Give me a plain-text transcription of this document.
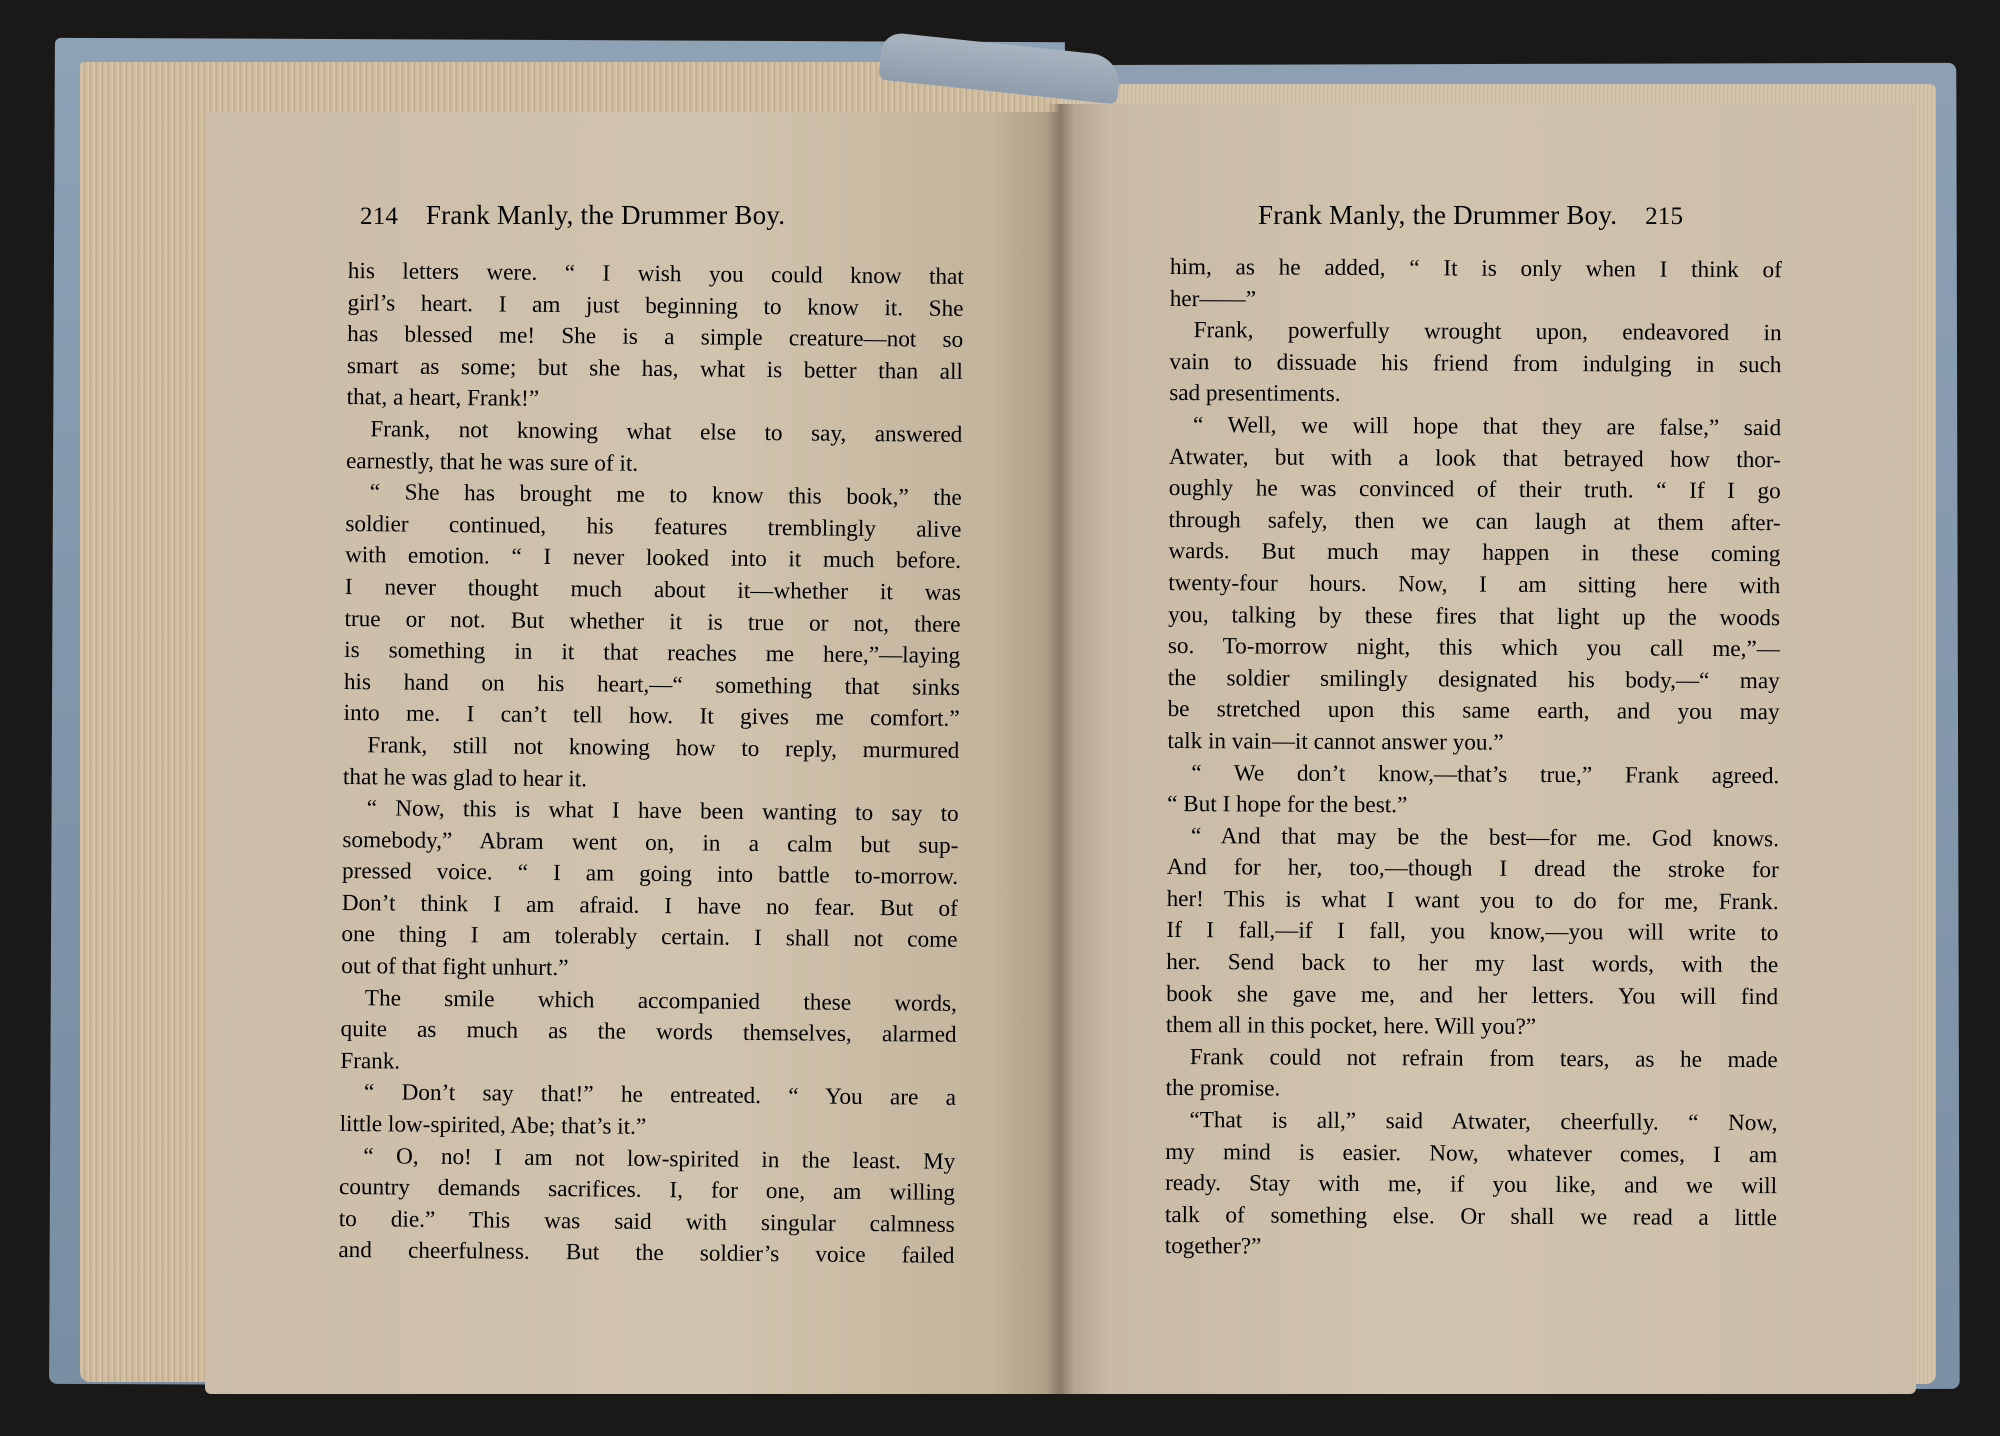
214 Frank Manly, the Drummer Boy.	Frank Manly, the Drummer Boy. 215
his letters were. “ I wish you could know that
girl’s heart. I am just beginning to know it. She
has blessed me! She is a simple creature—not so
smart as some; but she has, what is better than all
that, a heart, Frank!”
Frank, not knowing what else to say, answered
earnestly, that he was sure of it.
“ She has brought me to know this book,” the
soldier continued, his features tremblingly alive
with emotion. “ I never looked into it much before.
I never thought much about it—whether it was
true or not. But whether it is true or not, there
is something in it that reaches me here,”—laying
his hand on his heart,—“ something that sinks
into me. I can’t tell how. It gives me comfort.”
Frank, still not knowing how to reply, murmured
that he was glad to hear it.
“ Now, this is what I have been wanting to say to
somebody,” Abram went on, in a calm but sup-
pressed voice. “ I am going into battle to-morrow.
Don’t think I am afraid. I have no fear. But of
one thing I am tolerably certain. I shall not come
out of that fight unhurt.”
The smile which accompanied these words,
quite as much as the words themselves, alarmed
Frank.
“ Don’t say that!” he entreated. “ You are a
little low-spirited, Abe; that’s it.”
“ O, no! I am not low-spirited in the least. My
country demands sacrifices. I, for one, am willing
to die.” This was said with singular calmness
and cheerfulness. But the soldier’s voice failed
him, as he added, “ It is only when I think of
her——”
Frank, powerfully wrought upon, endeavored in
vain to dissuade his friend from indulging in such
sad presentiments.
“ Well, we will hope that they are false,” said
Atwater, but with a look that betrayed how thor-
oughly he was convinced of their truth. “ If I go
through safely, then we can laugh at them after-
wards. But much may happen in these coming
twenty-four hours. Now, I am sitting here with
you, talking by these fires that light up the woods
so. To-morrow night, this which you call me,”—
the soldier smilingly designated his body,—“ may
be stretched upon this same earth, and you may
talk in vain—it cannot answer you.”
“ We don’t know,—that’s true,” Frank agreed.
“ But I hope for the best.”
“ And that may be the best—for me. God knows.
And for her, too,—though I dread the stroke for
her! This is what I want you to do for me, Frank.
If I fall,—if I fall, you know,—you will write to
her. Send back to her my last words, with the
book she gave me, and her letters. You will find
them all in this pocket, here. Will you?”
Frank could not refrain from tears, as he made
the promise.
“That is all,” said Atwater, cheerfully. “ Now,
my mind is easier. Now, whatever comes, I am
ready. Stay with me, if you like, and we will
talk of something else. Or shall we read a little
together?”
